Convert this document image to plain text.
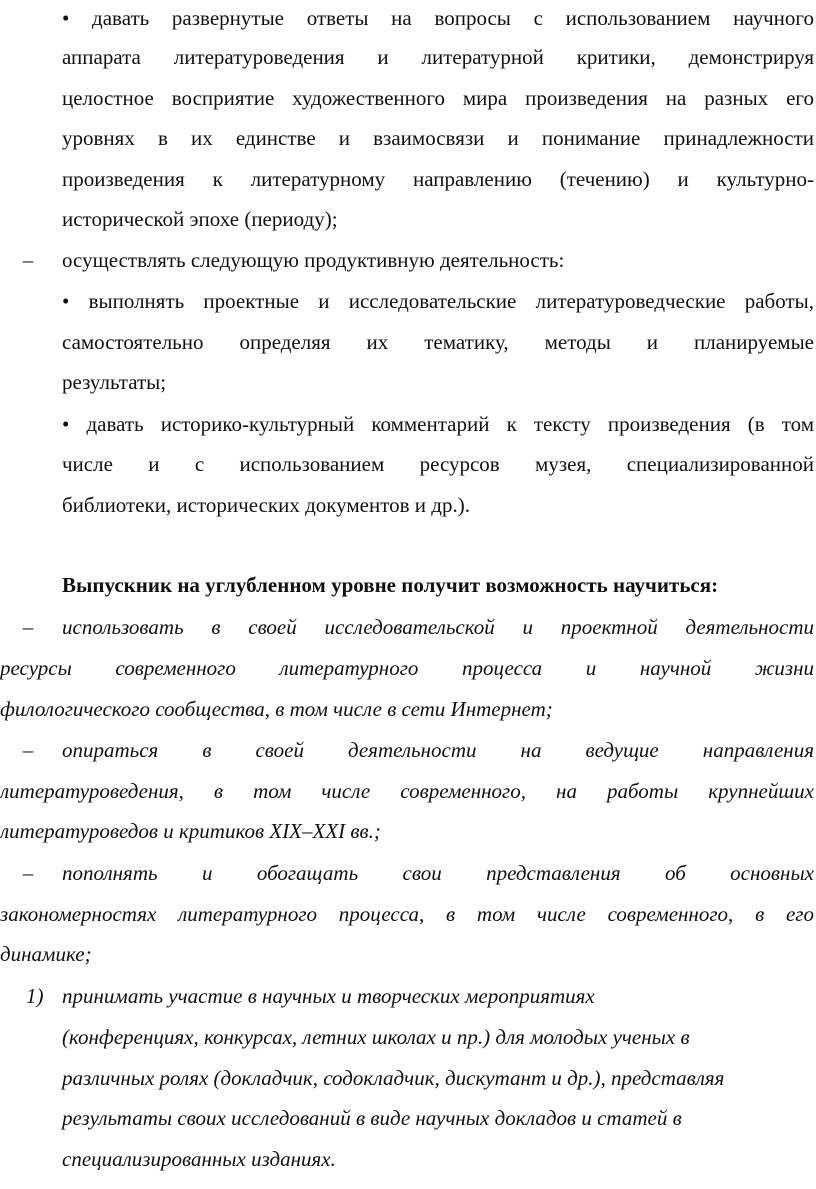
• давать развернутые ответы на вопросы с использованием научного
аппарата литературоведения и литературной критики, демонстрируя
целостное восприятие художественного мира произведения на разных его
уровнях в их единстве и взаимосвязи и понимание принадлежности
произведения к литературному направлению (течению) и культурно-
исторической эпохе (периоду);
– осуществлять следующую продуктивную деятельность:
• выполнять проектные и исследовательские литературоведческие работы,
самостоятельно определяя их тематику, методы и планируемые
результаты;
• давать историко-культурный комментарий к тексту произведения (в том
числе и с использованием ресурсов музея, специализированной
библиотеки, исторических документов и др.).
Выпускник на углубленном уровне получит возможность научиться:
– использовать в своей исследовательской и проектной деятельности
ресурсы современного литературного процесса и научной жизни
филологического сообщества, в том числе в сети Интернет;
– опираться в своей деятельности на ведущие направления
литературоведения, в том числе современного, на работы крупнейших
литературоведов и критиков XIX–XXI вв.;
– пополнять и обогащать свои представления об основных
закономерностях литературного процесса, в том числе современного, в его
динамике;
1) принимать участие в научных и творческих мероприятиях
(конференциях, конкурсах, летних школах и пр.) для молодых ученых в
различных ролях (докладчик, содокладчик, дискутант и др.), представляя
результаты своих исследований в виде научных докладов и статей в
специализированных изданиях.
